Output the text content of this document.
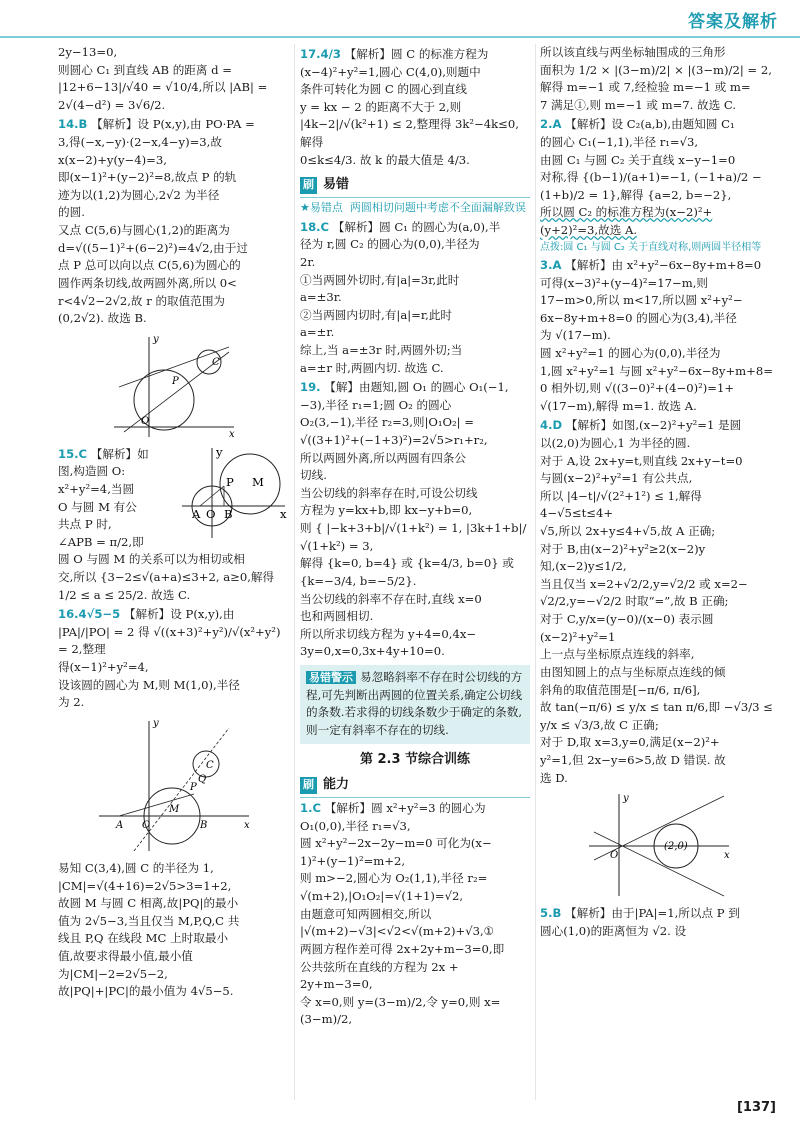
答案及解析

2y−13=0,

则圆心 C₁ 到直线 AB 的距离 d =

|12+6−13|/√40 = √10/4,所以 |AB| =

2√(4−d²) = 3√6/2.

14.B 【解析】设 P(x,y),由 PO·PA =

3,得(−x,−y)·(2−x,4−y)=3,故

x(x−2)+y(y−4)=3,

即(x−1)²+(y−2)²=8,故点 P 的轨

迹为以(1,2)为圆心,2√2 为半径

的圆.

又点 C(5,6)与圆心(1,2)的距离为

d=√((5−1)²+(6−2)²)=4√2,由于过

点 P 总可以向以点 C(5,6)为圆心的

圆作两条切线,故两圆外离,所以 0<

r<4√2−2√2,故 r 的取值范围为

(0,2√2). 故选 B.

C
P
O
x
y
y
M
P
A O B	x

15.C 【解析】如

图,构造圆 O:

x²+y²=4,当圆

O 与圆 M 有公

共点 P 时,

∠APB = π/2,即

圆 O 与圆 M 的关系可以为相切或相

交,所以 {3−2≤√(a+a)≤3+2, a≥0,解得

1/2 ≤ a ≤ 25/2. 故选 C.

16.4√5−5 【解析】设 P(x,y),由

|PA|/|PO| = 2 得 √((x+3)²+y²)/√(x²+y²) = 2,整理

得(x−1)²+y²=4,

设该圆的圆心为 M,则 M(1,0),半径

为 2.

C
y
P
Q
A O
M
B	x

易知 C(3,4),圆 C 的半径为 1,

|CM|=√(4+16)=2√5>3=1+2,

故圆 M 与圆 C 相离,故|PQ|的最小

值为 2√5−3,当且仅当 M,P,Q,C 共

线且 P,Q 在线段 MC 上时取最小

值,故要求得最小值,最小值

为|CM|−2=2√5−2,

故|PQ|+|PC|的最小值为 4√5−5.

17.4/3 【解析】圆 C 的标准方程为

(x−4)²+y²=1,圆心 C(4,0),则题中

条件可转化为圆 C 的圆心到直线

y = kx − 2 的距离不大于 2,则

|4k−2|/√(k²+1) ≤ 2,整理得 3k²−4k≤0,解得

0≤k≤4/3. 故 k 的最大值是 4/3.

刷 易错

★易错点  两圆相切问题中考虑不全面漏解致误

18.C 【解析】圆 C₁ 的圆心为(a,0),半

径为 r,圆 C₂ 的圆心为(0,0),半径为

2r.

①当两圆外切时,有|a|=3r,此时

a=±3r.

②当两圆内切时,有|a|=r,此时

a=±r.

综上,当 a=±3r 时,两圆外切;当

a=±r 时,两圆内切. 故选 C.

19. 【解】由题知,圆 O₁ 的圆心 O₁(−1,

−3),半径 r₁=1;圆 O₂ 的圆心

O₂(3,−1),半径 r₂=3,则|O₁O₂| =

√((3+1)²+(−1+3)²)=2√5>r₁+r₂,

所以两圆外离,所以两圆有四条公

切线.

当公切线的斜率存在时,可设公切线

方程为 y=kx+b,即 kx−y+b=0,

则 { |−k+3+b|/√(1+k²) = 1, |3k+1+b|/√(1+k²) = 3,

解得 {k=0, b=4} 或 {k=4/3, b=0} 或 {k=−3/4, b=−5/2}.

当公切线的斜率不存在时,直线 x=0

也和两圆相切.

所以所求切线方程为 y+4=0,4x−

3y=0,x=0,3x+4y+10=0.

易错警示 易忽略斜率不存在时公切线的方程,可先判断出两圆的位置关系,确定公切线的条数.若求得的切线条数少于确定的条数,则一定有斜率不存在的切线.

第 2.3 节综合训练
刷 能力

1.C 【解析】圆 x²+y²=3 的圆心为

O₁(0,0),半径 r₁=√3,

圆 x²+y²−2x−2y−m=0 可化为(x−

1)²+(y−1)²=m+2,

则 m>−2,圆心为 O₂(1,1),半径 r₂=

√(m+2),|O₁O₂|=√(1+1)=√2,

由题意可知两圆相交,所以

|√(m+2)−√3|<√2<√(m+2)+√3,①

两圆方程作差可得 2x+2y+m−3=0,即

公共弦所在直线的方程为 2x +

2y+m−3=0,

令 x=0,则 y=(3−m)/2,令 y=0,则 x=(3−m)/2,

所以该直线与两坐标轴围成的三角形

面积为 1/2 × |(3−m)/2| × |(3−m)/2| = 2,

解得 m=−1 或 7,经检验 m=−1 或 m=

7 满足①,则 m=−1 或 m=7. 故选 C.

2.A 【解析】设 C₂(a,b),由题知圆 C₁

的圆心 C₁(−1,1),半径 r₁=√3,

由圆 C₁ 与圆 C₂ 关于直线 x−y−1=0

对称,得 {(b−1)/(a+1)=−1, (−1+a)/2 − (1+b)/2 = 1},解得 {a=2, b=−2},

所以圆 C₂ 的标准方程为(x−2)²+

(y+2)²=3,故选 A.

点拨:圆 C₁ 与圆 C₂ 关于直线对称,则两圆半径相等

3.A 【解析】由 x²+y²−6x−8y+m+8=0

可得(x−3)²+(y−4)²=17−m,则

17−m>0,所以 m<17,所以圆 x²+y²−

6x−8y+m+8=0 的圆心为(3,4),半径

为 √(17−m).

圆 x²+y²=1 的圆心为(0,0),半径为

1,圆 x²+y²=1 与圆 x²+y²−6x−8y+m+8=

0 相外切,则 √((3−0)²+(4−0)²)=1+

√(17−m),解得 m=1. 故选 A.

4.D 【解析】如图,(x−2)²+y²=1 是圆

以(2,0)为圆心,1 为半径的圆.

对于 A,设 2x+y=t,则直线 2x+y−t=0

与圆(x−2)²+y²=1 有公共点,

所以 |4−t|/√(2²+1²) ≤ 1,解得 4−√5≤t≤4+

√5,所以 2x+y≤4+√5,故 A 正确;

对于 B,由(x−2)²+y²≥2(x−2)y

知,(x−2)y≤1/2,

当且仅当 x=2+√2/2,y=√2/2 或 x=2−

√2/2,y=−√2/2 时取“=”,故 B 正确;

对于 C,y/x=(y−0)/(x−0) 表示圆(x−2)²+y²=1

上一点与坐标原点连线的斜率,

由图知圆上的点与坐标原点连线的倾

斜角的取值范围是[−π/6, π/6],

故 tan(−π/6) ≤ y/x ≤ tan π/6,即 −√3/3 ≤

y/x ≤ √3/3,故 C 正确;

对于 D,取 x=3,y=0,满足(x−2)²+

y²=1,但 2x−y=6>5,故 D 错误. 故

选 D.

y
(2,0)
O	x

5.B 【解析】由于|PA|=1,所以点 P 到

圆心(1,0)的距离恒为 √2. 设

[137]
